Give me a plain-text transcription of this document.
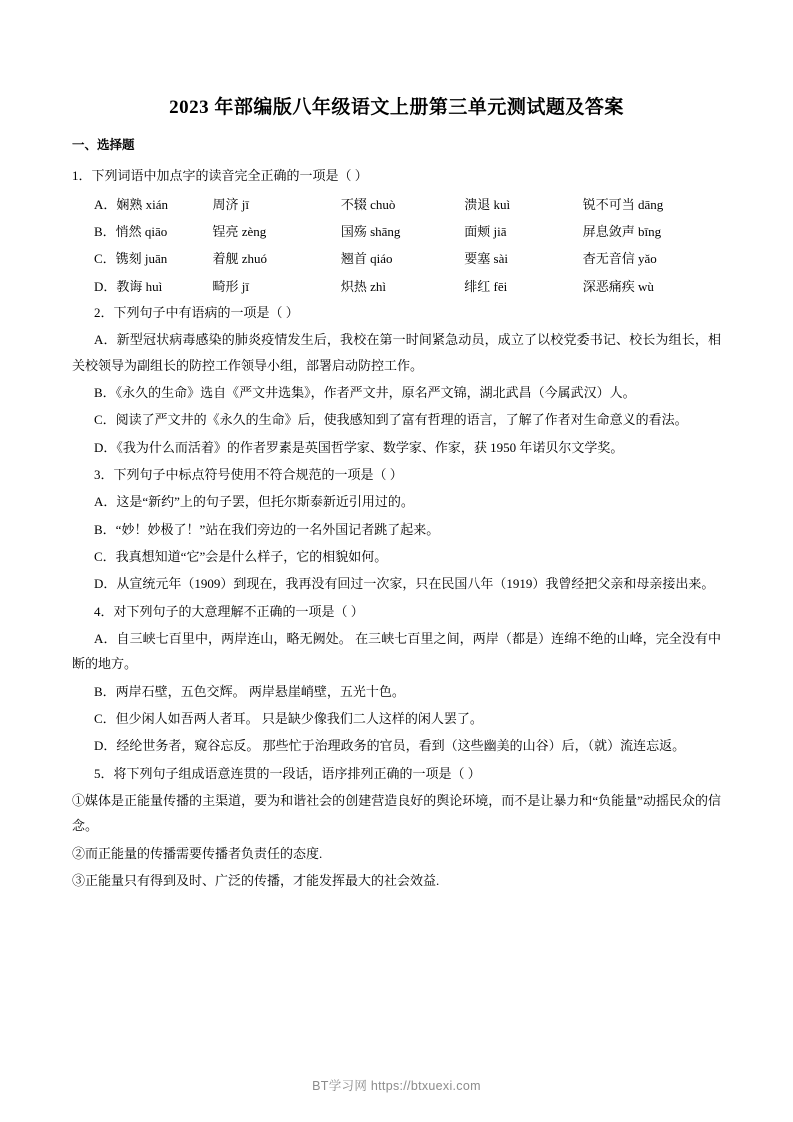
2023 年部编版八年级语文上册第三单元测试题及答案
一、选择题

1．下列词语中加点字的读音完全正确的一项是（ ）

A．娴熟 xián	周济 jī	不辍 chuò	溃退 kuì	锐不可当 dāng
B．悄然 qiāo	锃亮 zèng	国殇 shāng	面颊 jiā	屏息敛声 bīng
C．镌刻 juān	着舰 zhuó	翘首 qiáo	要塞 sài	杳无音信 yǎo
D．教诲 huì	畸形 jī	炽热 zhì	绯红 fēi	深恶痛疾 wù

2．下列句子中有语病的一项是（ ）

A．新型冠状病毒感染的肺炎疫情发生后，我校在第一时间紧急动员，成立了以校党委书记、校长为组长，相关校领导为副组长的防控工作领导小组，部署启动防控工作。

B．《永久的生命》选自《严文井选集》，作者严文井，原名严文锦，湖北武昌（今属武汉）人。

C．阅读了严文井的《永久的生命》后，使我感知到了富有哲理的语言，了解了作者对生命意义的看法。

D．《我为什么而活着》的作者罗素是英国哲学家、数学家、作家，获 1950 年诺贝尔文学奖。

3．下列句子中标点符号使用不符合规范的一项是（ ）

A．这是“新约”上的句子罢，但托尔斯泰新近引用过的。

B．“妙！妙极了！”站在我们旁边的一名外国记者跳了起来。

C．我真想知道“它”会是什么样子，它的相貌如何。

D．从宣统元年（1909）到现在，我再没有回过一次家，只在民国八年（1919）我曾经把父亲和母亲接出来。

4．对下列句子的大意理解不正确的一项是（ ）

A．自三峡七百里中，两岸连山，略无阙处。 在三峡七百里之间，两岸（都是）连绵不绝的山峰，完全没有中断的地方。

B．两岸石壁，五色交辉。 两岸悬崖峭壁，五光十色。

C．但少闲人如吾两人者耳。 只是缺少像我们二人这样的闲人罢了。

D．经纶世务者，窥谷忘反。 那些忙于治理政务的官员，看到（这些幽美的山谷）后，（就）流连忘返。

5．将下列句子组成语意连贯的一段话，语序排列正确的一项是（ ）

①媒体是正能量传播的主渠道，要为和谐社会的创建营造良好的舆论环境，而不是让暴力和“负能量”动摇民众的信念。

②而正能量的传播需要传播者负责任的态度.

③正能量只有得到及时、广泛的传播，才能发挥最大的社会效益.

BT学习网 https://btxuexi.com
